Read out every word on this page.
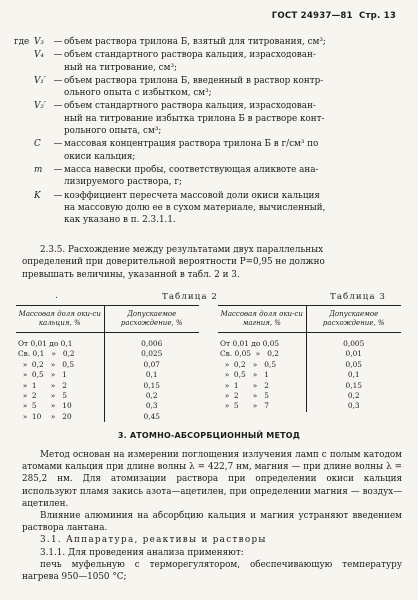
ГОСТ 24937—81 Стр. 13
где V₃	— объем раствора трилона Б, взятый для титрования, см³;
V₄	— объем стандартного раствора кальция, израсходован-
ный на титрование, см³;
V₁′ — объем раствора трилона Б, введенный в раствор контр-
ольного опыта с избытком, см³;
V₂′ — объем стандартного раствора кальция, израсходован-
ный на титрование избытка трилона Б в растворе конт-
рольного опыта, см³;
C	— массовая концентрация раствора трилона Б в г/см³ по
окиси кальция;
m	— масса навески пробы, соответствующая аликвоте ана-
лизируемого раствора, г;
K	— коэффициент пересчета массовой доли окиси кальция
на массовую долю ее в сухом материале, вычисленный,
как указано в п. 2.3.1.1.
2.3.5. Расхождение между результатами двух параллельных
определений при доверительной вероятности P=0,95 не должно
превышать величины, указанной в табл. 2 и 3.
.	Таблица 2	Таблица 3
Массовая доля оки-си кальция, %	Допускаемое расхождение, %
От 0,01 до 0,1	0,006
Св. 0,1   »   0,2	0,025
»  0,2   »   0,5	0,07
»  0,5   »   1	0,1
»  1      »   2	0,15
»  2      »   5	0,2
»  5      »   10	0,3
»  10    »   20	0,45
Массовая доля оки-си магния, %	Допускаемое расхождение, %
От 0,01 до 0,05	0,005
Св. 0,05  »   0,2	0,01
»  0,2   »   0,5	0,05
»  0,5   »   1	0,1
»  1      »   2	0,15
»  2      »   5	0,2
»  5      »   7	0,3
3. АТОМНО-АБСОРБЦИОННЫЙ МЕТОД

Метод основан на измерении поглощения излучения ламп с полым катодом атомами кальция при длине волны λ = 422,7 нм, магния — при длине волны λ = 285,2 нм. Для атомизации раствора при определении окиси кальция используют пламя закись азота—ацетилен, при определении магния — воздух—ацетилен.

Влияние алюминия на абсорбцию кальция и магния устраняют введением раствора лантана.

3.1. Аппаратура, реактивы и растворы

3.1.1. Для проведения анализа применяют:

печь муфельную с терморегулятором, обеспечивающую температуру нагрева 950—1050 °С;
